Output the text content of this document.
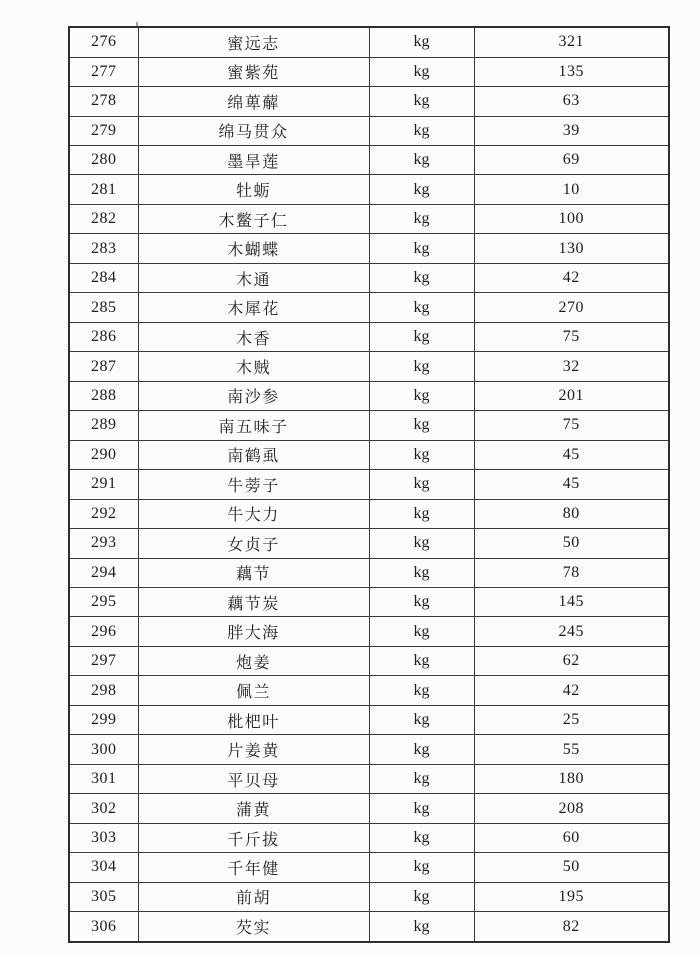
276	蜜远志	kg	321
277	蜜紫苑	kg	135
278	绵萆薢	kg	63
279	绵马贯众	kg	39
280	墨旱莲	kg	69
281	牡蛎	kg	10
282	木鳖子仁	kg	100
283	木蝴蝶	kg	130
284	木通	kg	42
285	木犀花	kg	270
286	木香	kg	75
287	木贼	kg	32
288	南沙参	kg	201
289	南五味子	kg	75
290	南鹤虱	kg	45
291	牛蒡子	kg	45
292	牛大力	kg	80
293	女贞子	kg	50
294	藕节	kg	78
295	藕节炭	kg	145
296	胖大海	kg	245
297	炮姜	kg	62
298	佩兰	kg	42
299	枇杷叶	kg	25
300	片姜黄	kg	55
301	平贝母	kg	180
302	蒲黄	kg	208
303	千斤拔	kg	60
304	千年健	kg	50
305	前胡	kg	195
306	芡实	kg	82
